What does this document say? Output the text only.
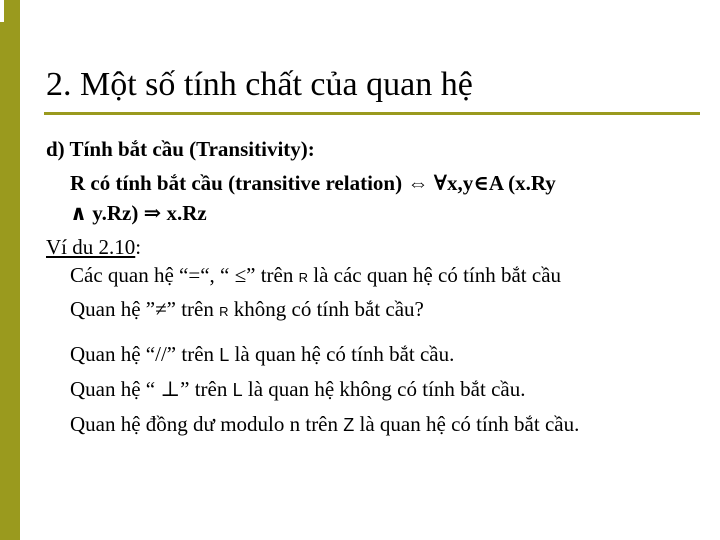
2. Một số tính chất của quan hệ
d) Tính bắt cầu (Transitivity):
R có tính bắt cầu (transitive relation) ⇔ ∀x,y∈A (x.Ry
∧ y.Rz) ⇒ x.Rz
Ví du 2.10:
Các quan hệ “=“, “ ≤” trên R là các quan hệ có tính bắt cầu
Quan hệ ”≠” trên R không có tính bắt cầu?
Quan hệ “//” trên L là quan hệ có tính bắt cầu.
Quan hệ “ ⊥” trên L là quan hệ không có tính bắt cầu.
Quan hệ đồng dư modulo n trên Z là quan hệ có tính bắt cầu.
